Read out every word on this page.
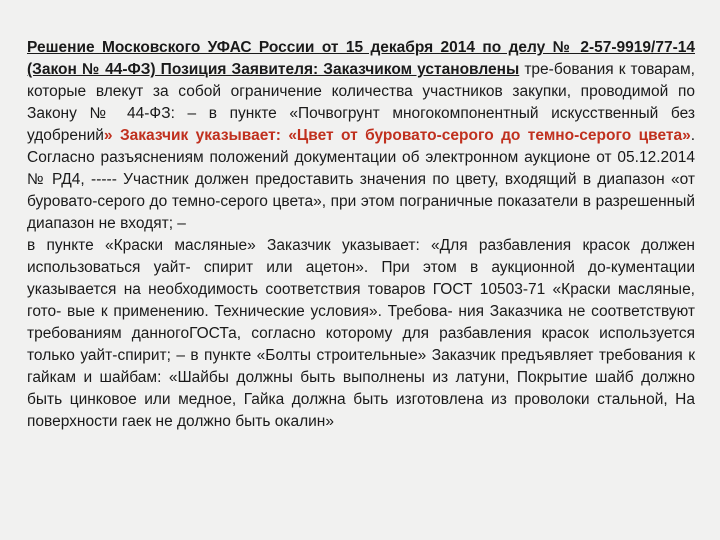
Решение Московского УФАС России от 15 декабря 2014 по делу № 2-57-9919/77-14 (Закон № 44-ФЗ) Позиция Заявителя: Заказчиком установлены тре-бования к товарам, которые влекут за собой ограничение количества участников закупки, проводимой по Закону № 44-ФЗ: – в пункте «Почвогрунт многокомпонентный искусственный без удобрений» Заказчик указывает: «Цвет от буровато-серого до темно-серого цвета». Согласно разъяснениям положений документации об электронном аукционе от 05.12.2014 № РД4, ----- Участник должен предоставить значения по цвету, входящий в диапазон «от буровато-серого до темно-серого цвета», при этом пограничные показатели в разрешенный диапазон не входят; –

в пункте «Краски масляные» Заказчик указывает: «Для разбавления красок должен использоваться уайт- спирит или ацетон». При этом в аукционной до-кументации указывается на необходимость соответствия товаров ГОСТ 10503-71 «Краски масляные, гото- вые к применению. Технические условия». Требова- ния Заказчика не соответствуют требованиям данногоГОСТа, согласно которому для разбавления красок используется только уайт-спирит; – в пункте «Болты строительные» Заказчик предъявляет требования к гайкам и шайбам: «Шайбы должны быть выполнены из латуни, Покрытие шайб должно быть цинковое или медное, Гайка должна быть изготовлена из проволоки стальной, На поверхности гаек не должно быть окалин»
